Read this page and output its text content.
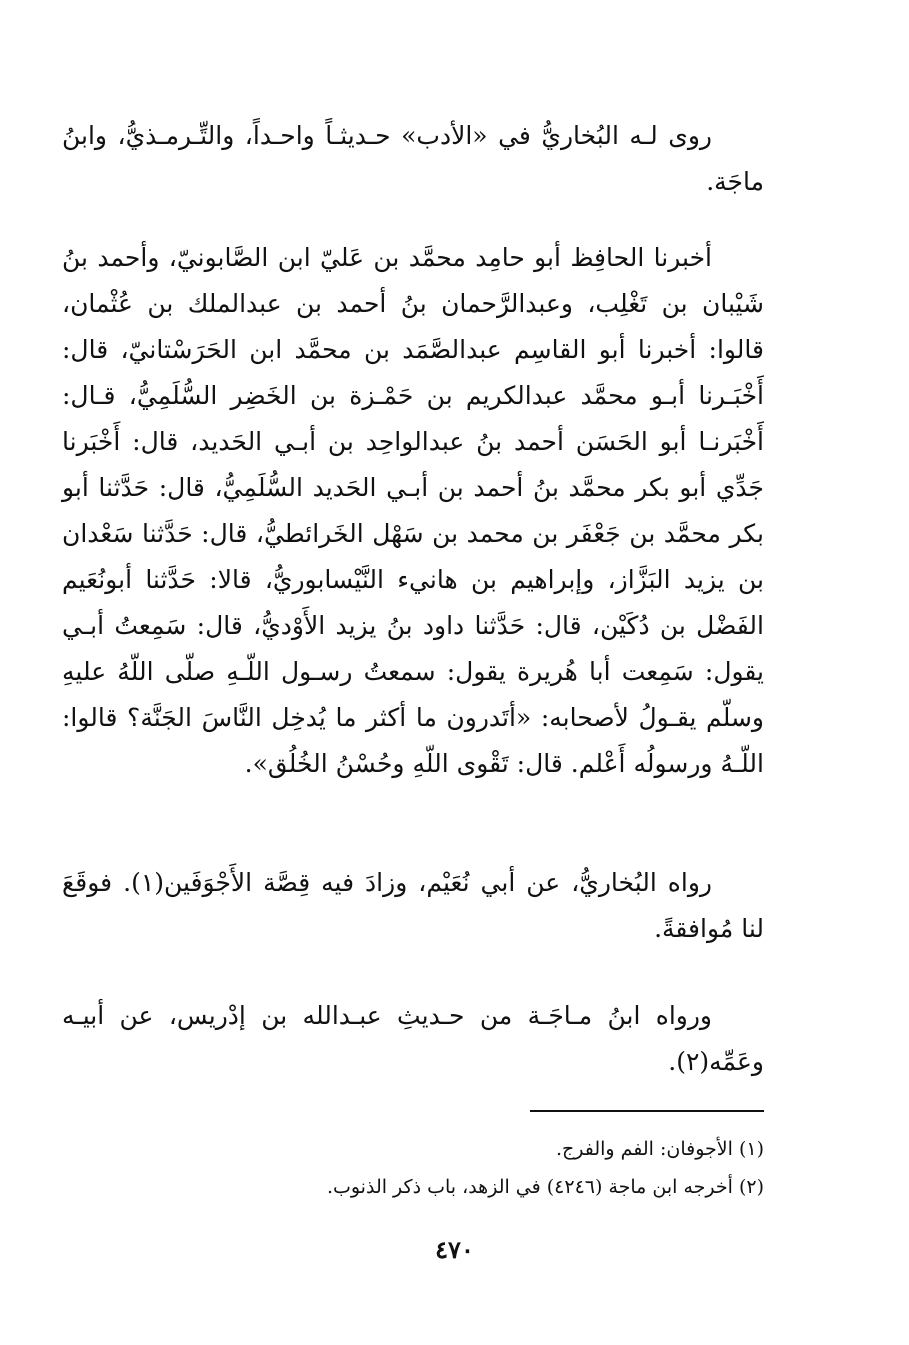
روى لـه البُخاريُّ في «الأدب» حـديثـاً واحـداً، والتِّـرمـذيُّ، وابنُ ماجَة.

أخبرنا الحافِظ أبو حامِد محمَّد بن عَليّ ابن الصَّابونيّ، وأحمد بنُ شَيْبان بن تَغْلِب، وعبدالرَّحمان بنُ أحمد بن عبدالملك بن عُثْمان، قالوا: أخبرنا أبو القاسِم عبدالصَّمَد بن محمَّد ابن الحَرَسْتانيّ، قال: أَخْبَـرنا أبـو محمَّد عبدالكريم بن حَمْـزة بن الخَضِر السُّلَمِيُّ، قـال: أَخْبَرنـا أبو الحَسَن أحمد بنُ عبدالواحِد بن أبـي الحَديد، قال: أَخْبَرنا جَدِّي أبو بكر محمَّد بنُ أحمد بن أبـي الحَديد السُّلَمِيُّ، قال: حَدَّثنا أبو بكر محمَّد بن جَعْفَر بن محمد بن سَهْل الخَرائطيُّ، قال: حَدَّثنا سَعْدان بن يزيد البَزَّاز، وإبراهيم بن هانيء النَّيْسابوريُّ، قالا: حَدَّثنا أبونُعَيم الفَضْل بن دُكَيْن، قال: حَدَّثنا داود بنُ يزيد الأَوْديُّ، قال: سَمِعتُ أبـي يقول: سَمِعت أبا هُريرة يقول: سمعتُ رسـول اللّـهِ صلّى اللّهُ عليهِ وسلّم يقـولُ لأصحابه: «أتَدرون ما أكثر ما يُدخِل النَّاسَ الجَنَّة؟ قالوا: اللّـهُ ورسولُه أَعْلم. قال: تَقْوى اللّهِ وحُسْنُ الخُلُق».

رواه البُخاريُّ، عن أبي نُعَيْم، وزادَ فيه قِصَّة الأَجْوَفَين(١). فوقَعَ لنا مُوافقةً.

ورواه ابنُ مـاجَـة من حـديثِ عبـدالله بن إدْريس، عن أبيـه وعَمِّه(٢).

(١) الأجوفان: الفم والفرج.
(٢) أخرجه ابن ماجة (٤٢٤٦) في الزهد، باب ذكر الذنوب.
٤٧٠
